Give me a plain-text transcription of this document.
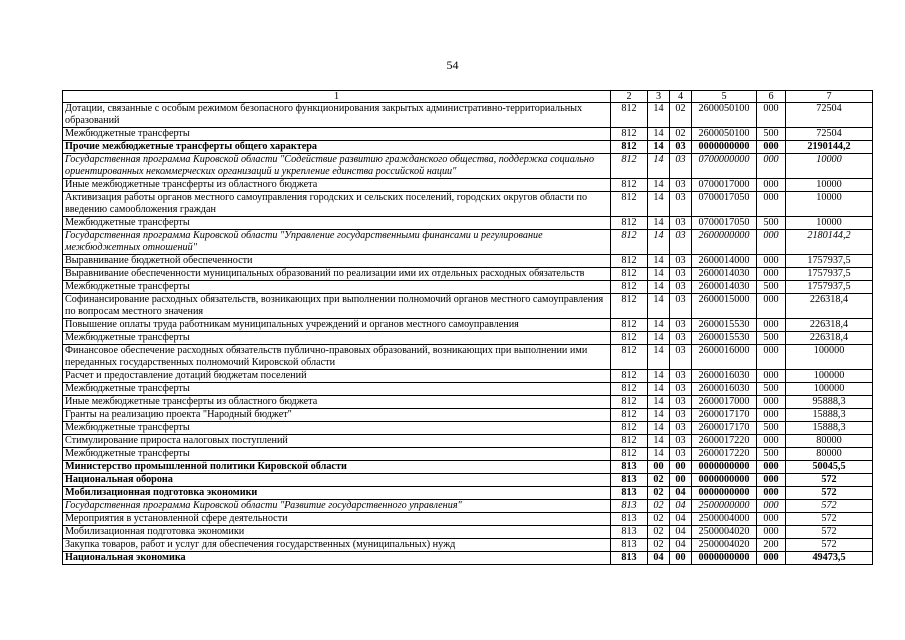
54
1	2	3	4	5	6	7
Дотации, связанные с особым режимом безопасного функционирования закрытых административно-территориальных образований	812	14	02	2600050100	000	72504
Межбюджетные трансферты	812	14	02	2600050100	500	72504
Прочие межбюджетные трансферты общего характера	812	14	03	0000000000	000	2190144,2
Государственная программа Кировской области "Содействие развитию гражданского общества, поддержка социально ориентированных некоммерческих организаций и укрепление единства российской нации"	812	14	03	0700000000	000	10000
Иные межбюджетные трансферты из областного бюджета	812	14	03	0700017000	000	10000
Активизация работы органов местного самоуправления городских и сельских поселений, городских округов области по введению самообложения граждан	812	14	03	0700017050	000	10000
Межбюджетные трансферты	812	14	03	0700017050	500	10000
Государственная программа Кировской области "Управление государственными финансами и регулирование межбюджетных отношений"	812	14	03	2600000000	000	2180144,2
Выравнивание бюджетной обеспеченности	812	14	03	2600014000	000	1757937,5
Выравнивание обеспеченности муниципальных образований по реализации ими их отдельных расходных обязательств	812	14	03	2600014030	000	1757937,5
Межбюджетные трансферты	812	14	03	2600014030	500	1757937,5
Софинансирование расходных обязательств, возникающих при выполнении полномочий органов местного самоуправления по вопросам местного значения	812	14	03	2600015000	000	226318,4
Повышение оплаты труда работникам муниципальных учреждений и органов местного самоуправления	812	14	03	2600015530	000	226318,4
Межбюджетные трансферты	812	14	03	2600015530	500	226318,4
Финансовое обеспечение расходных обязательств публично-правовых образований, возникающих при выполнении ими переданных государственных полномочий Кировской области	812	14	03	2600016000	000	100000
Расчет и предоставление дотаций бюджетам поселений	812	14	03	2600016030	000	100000
Межбюджетные трансферты	812	14	03	2600016030	500	100000
Иные межбюджетные трансферты из областного бюджета	812	14	03	2600017000	000	95888,3
Гранты на реализацию проекта "Народный бюджет"	812	14	03	2600017170	000	15888,3
Межбюджетные трансферты	812	14	03	2600017170	500	15888,3
Стимулирование прироста налоговых поступлений	812	14	03	2600017220	000	80000
Межбюджетные трансферты	812	14	03	2600017220	500	80000
Министерство промышленной политики Кировской области	813	00	00	0000000000	000	50045,5
Национальная оборона	813	02	00	0000000000	000	572
Мобилизационная подготовка экономики	813	02	04	0000000000	000	572
Государственная программа Кировской области "Развитие государственного управления"	813	02	04	2500000000	000	572
Мероприятия в установленной сфере деятельности	813	02	04	2500004000	000	572
Мобилизационная подготовка экономики	813	02	04	2500004020	000	572
Закупка товаров, работ и услуг для обеспечения государственных (муниципальных) нужд	813	02	04	2500004020	200	572
Национальная экономика	813	04	00	0000000000	000	49473,5
